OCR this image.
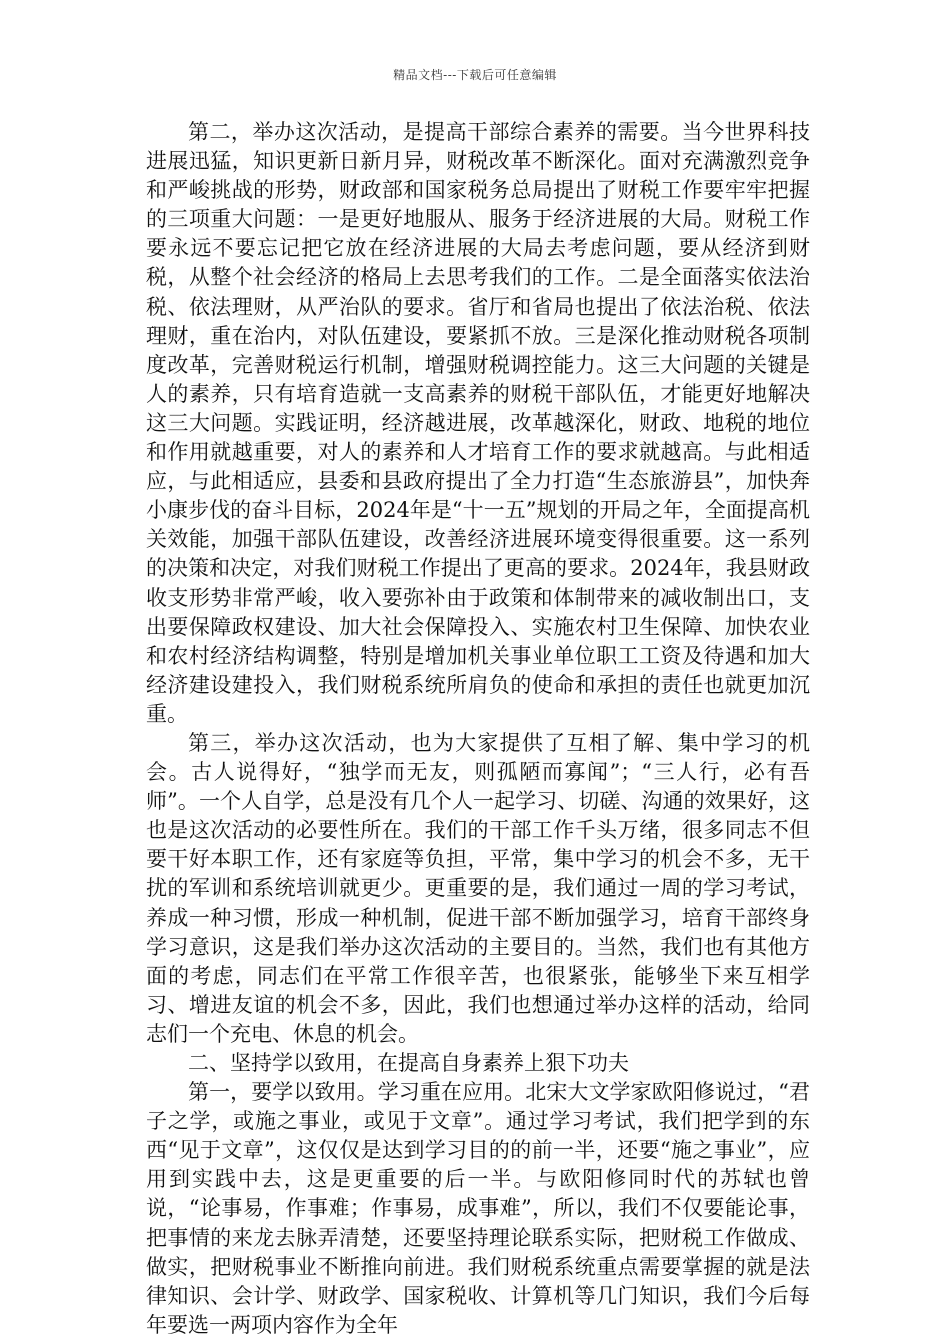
精品文档---下载后可任意编辑

第二，举办这次活动，是提高干部综合素养的需要。当今世界科技进展迅猛，知识更新日新月异，财税改革不断深化。面对充满激烈竞争和严峻挑战的形势，财政部和国家税务总局提出了财税工作要牢牢把握的三项重大问题：一是更好地服从、服务于经济进展的大局。财税工作要永远不要忘记把它放在经济进展的大局去考虑问题，要从经济到财税，从整个社会经济的格局上去思考我们的工作。二是全面落实依法治税、依法理财，从严治队的要求。省厅和省局也提出了依法治税、依法理财，重在治内，对队伍建设，要紧抓不放。三是深化推动财税各项制度改革，完善财税运行机制，增强财税调控能力。这三大问题的关键是人的素养，只有培育造就一支高素养的财税干部队伍，才能更好地解决这三大问题。实践证明，经济越进展，改革越深化，财政、地税的地位和作用就越重要，对人的素养和人才培育工作的要求就越高。与此相适应，与此相适应，县委和县政府提出了全力打造“生态旅游县”，加快奔小康步伐的奋斗目标，2024年是“十一五”规划的开局之年，全面提高机关效能，加强干部队伍建设，改善经济进展环境变得很重要。这一系列的决策和决定，对我们财税工作提出了更高的要求。2024年，我县财政收支形势非常严峻，收入要弥补由于政策和体制带来的减收制出口，支出要保障政权建设、加大社会保障投入、实施农村卫生保障、加快农业和农村经济结构调整，特别是增加机关事业单位职工工资及待遇和加大经济建设建投入，我们财税系统所肩负的使命和承担的责任也就更加沉重。

第三，举办这次活动，也为大家提供了互相了解、集中学习的机会。古人说得好，“独学而无友，则孤陋而寡闻”；“三人行，必有吾师”。一个人自学，总是没有几个人一起学习、切磋、沟通的效果好，这也是这次活动的必要性所在。我们的干部工作千头万绪，很多同志不但要干好本职工作，还有家庭等负担，平常，集中学习的机会不多，无干扰的军训和系统培训就更少。更重要的是，我们通过一周的学习考试，养成一种习惯，形成一种机制，促进干部不断加强学习，培育干部终身学习意识，这是我们举办这次活动的主要目的。当然，我们也有其他方面的考虑，同志们在平常工作很辛苦，也很紧张，能够坐下来互相学习、增进友谊的机会不多，因此，我们也想通过举办这样的活动，给同志们一个充电、休息的机会。

二、坚持学以致用，在提高自身素养上狠下功夫

第一，要学以致用。学习重在应用。北宋大文学家欧阳修说过，“君子之学，或施之事业，或见于文章”。通过学习考试，我们把学到的东西“见于文章”，这仅仅是达到学习目的的前一半，还要“施之事业”，应用到实践中去，这是更重要的后一半。与欧阳修同时代的苏轼也曾说，“论事易，作事难；作事易，成事难”，所以，我们不仅要能论事，把事情的来龙去脉弄清楚，还要坚持理论联系实际，把财税工作做成、做实，把财税事业不断推向前进。我们财税系统重点需要掌握的就是法律知识、会计学、财政学、国家税收、计算机等几门知识，我们今后每年要选一两项内容作为全年
